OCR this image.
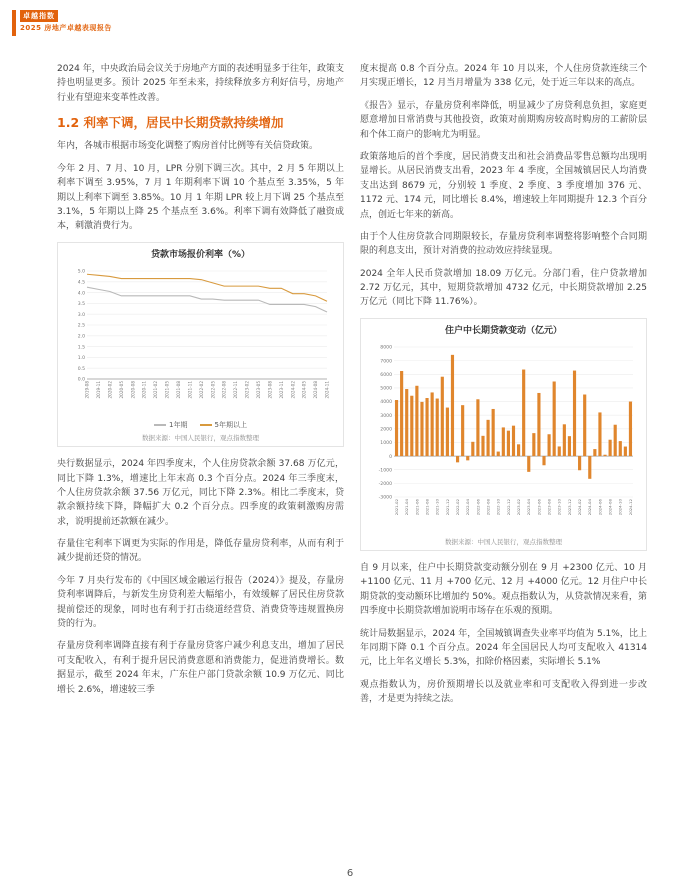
卓越指数
2025 房地产卓越表现报告

2024 年，中央政治局会议关于房地产方面的表述明显多于往年，政策支持也明显更多。预计 2025 年至未来，持续释放多方利好信号，房地产行业有望迎来变革性改善。

1.2 利率下调，居民中长期贷款持续增加

年内，各城市根据市场变化调整了购房首付比例等有关信贷政策。

今年 2 月、7 月、10 月，LPR 分别下调三次。其中，2 月 5 年期以上利率下调至 3.95%，7 月 1 年期利率下调 10 个基点至 3.35%，5 年期以上利率下调至 3.85%。10 月 1 年期 LPR 较上月下调 25 个基点至 3.1%，5 年期以上降 25 个基点至 3.6%。利率下调有效降低了融资成本，刺激消费行为。

贷款市场报价利率（%）
0.0
0.5
1.0
1.5
2.0
2.5
3.0
3.5
4.0
4.5
5.0
2019-08 2019-11 2020-02 2020-05 2020-08 2020-11 2021-02 2021-05 2021-08 2021-11 2022-02 2022-05 2022-08 2022-11 2023-02 2023-05 2023-08 2023-11 2024-02 2024-05 2024-08 2024-11
1年期	5年期以上
数据来源：中国人民银行，观点指数整理

央行数据显示，2024 年四季度末，个人住房贷款余额 37.68 万亿元，同比下降 1.3%，增速比上年末高 0.3 个百分点。2024 年三季度末，个人住房贷款余额 37.56 万亿元，同比下降 2.3%。相比二季度末，贷款余额持续下降，降幅扩大 0.2 个百分点。四季度的政策刺激购房需求，说明提前还款额在减少。

存量住宅利率下调更为实际的作用是，降低存量房贷利率，从而有利于减少提前还贷的情况。

今年 7 月央行发布的《中国区域金融运行报告（2024）》提及，存量房贷利率调降后，与新发生房贷利差大幅缩小，有效缓解了居民住房贷款提前偿还的现象，同时也有利于打击绕道经营贷、消费贷等违规置换房贷的行为。

存量房贷利率调降直接有利于存量房贷客户减少利息支出，增加了居民可支配收入，有利于提升居民消费意愿和消费能力，促进消费增长。数据显示，截至 2024 年末，广东住户部门贷款余额 10.9 万亿元、同比增长 2.6%，增速较三季

度末提高 0.8 个百分点。2024 年 10 月以来，个人住房贷款连续三个月实现正增长，12 月当月增量为 338 亿元，处于近三年以来的高点。

《报告》显示，存量房贷利率降低，明显减少了房贷利息负担，家庭更愿意增加日常消费与其他投资，政策对前期购房较高时购房的工薪阶层和个体工商户的影响尤为明显。

政策落地后的首个季度，居民消费支出和社会消费品零售总额均出现明显增长。从居民消费支出看，2023 年 4 季度，全国城镇居民人均消费支出达到 8679 元，分别较 1 季度、2 季度、3 季度增加 376 元、1172 元、174 元，同比增长 8.4%，增速较上年同期提升 12.3 个百分点，创近七年来的新高。

由于个人住房贷款合同期限较长，存量房贷利率调整将影响整个合同期限的利息支出，预计对消费的拉动效应持续显现。

2024 全年人民币贷款增加 18.09 万亿元。分部门看，住户贷款增加 2.72 万亿元，其中，短期贷款增加 4732 亿元，中长期贷款增加 2.25 万亿元（同比下降 11.76%）。

住户中长期贷款变动（亿元）
-3000
-2000
-1000
0
1000
2000
3000
4000
5000
6000
7000
8000
2021-02 2021-04 2021-06 2021-08 2021-10 2021-12 2022-02 2022-04 2022-06 2022-08 2022-10 2022-12 2023-02 2023-04 2023-06 2023-08 2023-10 2023-12 2024-02 2024-04 2024-06 2024-08 2024-10 2024-12
数据来源：中国人民银行，观点指数整理

自 9 月以来，住户中长期贷款变动额分别在 9 月 +2300 亿元、10 月 +1100 亿元、11 月 +700 亿元、12 月 +4000 亿元。12 月住户中长期贷款的变动额环比增加约 50%。观点指数认为，从贷款情况来看，第四季度中长期贷款增加说明市场存在乐观的预期。

统计局数据显示，2024 年，全国城镇调查失业率平均值为 5.1%，比上年同期下降 0.1 个百分点。2024 年全国居民人均可支配收入 41314 元，比上年名义增长 5.3%，扣除价格因素，实际增长 5.1%

观点指数认为，房价预期增长以及就业率和可支配收入得到进一步改善，才是更为持续之法。

6
